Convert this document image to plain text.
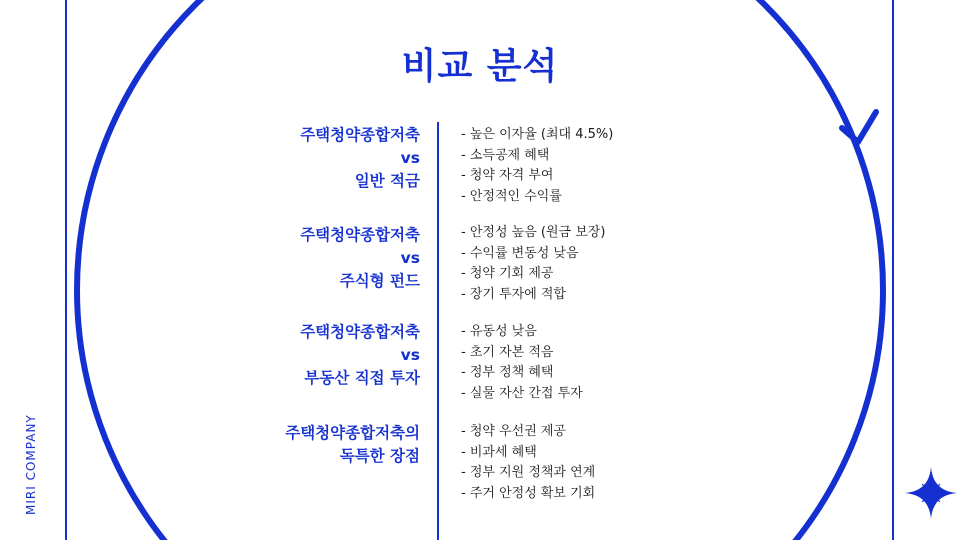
비교 분석
주택청약종합저축
vs
일반 적금
- 높은 이자율 (최대 4.5%)
- 소득공제 혜택
- 청약 자격 부여
- 안정적인 수익률
주택청약종합저축
vs
주식형 펀드
- 안정성 높음 (원금 보장)
- 수익률 변동성 낮음
- 청약 기회 제공
- 장기 투자에 적합
주택청약종합저축
vs
부동산 직접 투자
- 유동성 낮음
- 초기 자본 적음
- 정부 정책 혜택
- 실물 자산 간접 투자
주택청약종합저축의
독특한 장점
- 청약 우선권 제공
- 비과세 혜택
- 정부 지원 정책과 연계
- 주거 안정성 확보 기회
MIRI COMPANY
